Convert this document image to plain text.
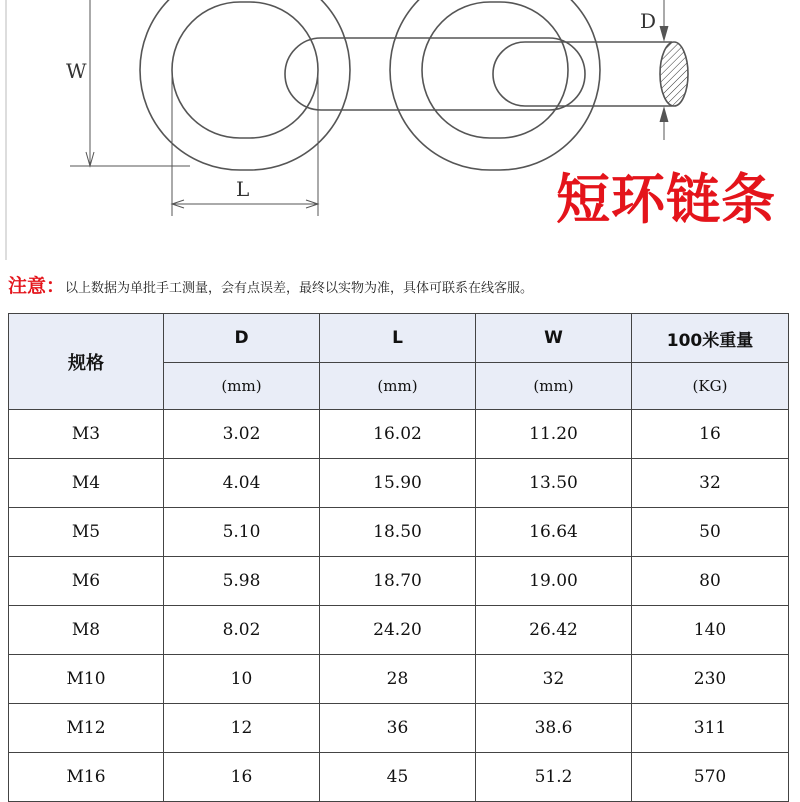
W
L
D
短环链条
注意：以上数据为单批手工测量，会有点误差，最终以实物为准，具体可联系在线客服。
规格	D	L	W	100米重量
	(mm)	(mm)	(mm)	(KG)
M3	3.02	16.02	11.20	16
M4	4.04	15.90	13.50	32
M5	5.10	18.50	16.64	50
M6	5.98	18.70	19.00	80
M8	8.02	24.20	26.42	140
M10	10	28	32	230
M12	12	36	38.6	311
M16	16	45	51.2	570
